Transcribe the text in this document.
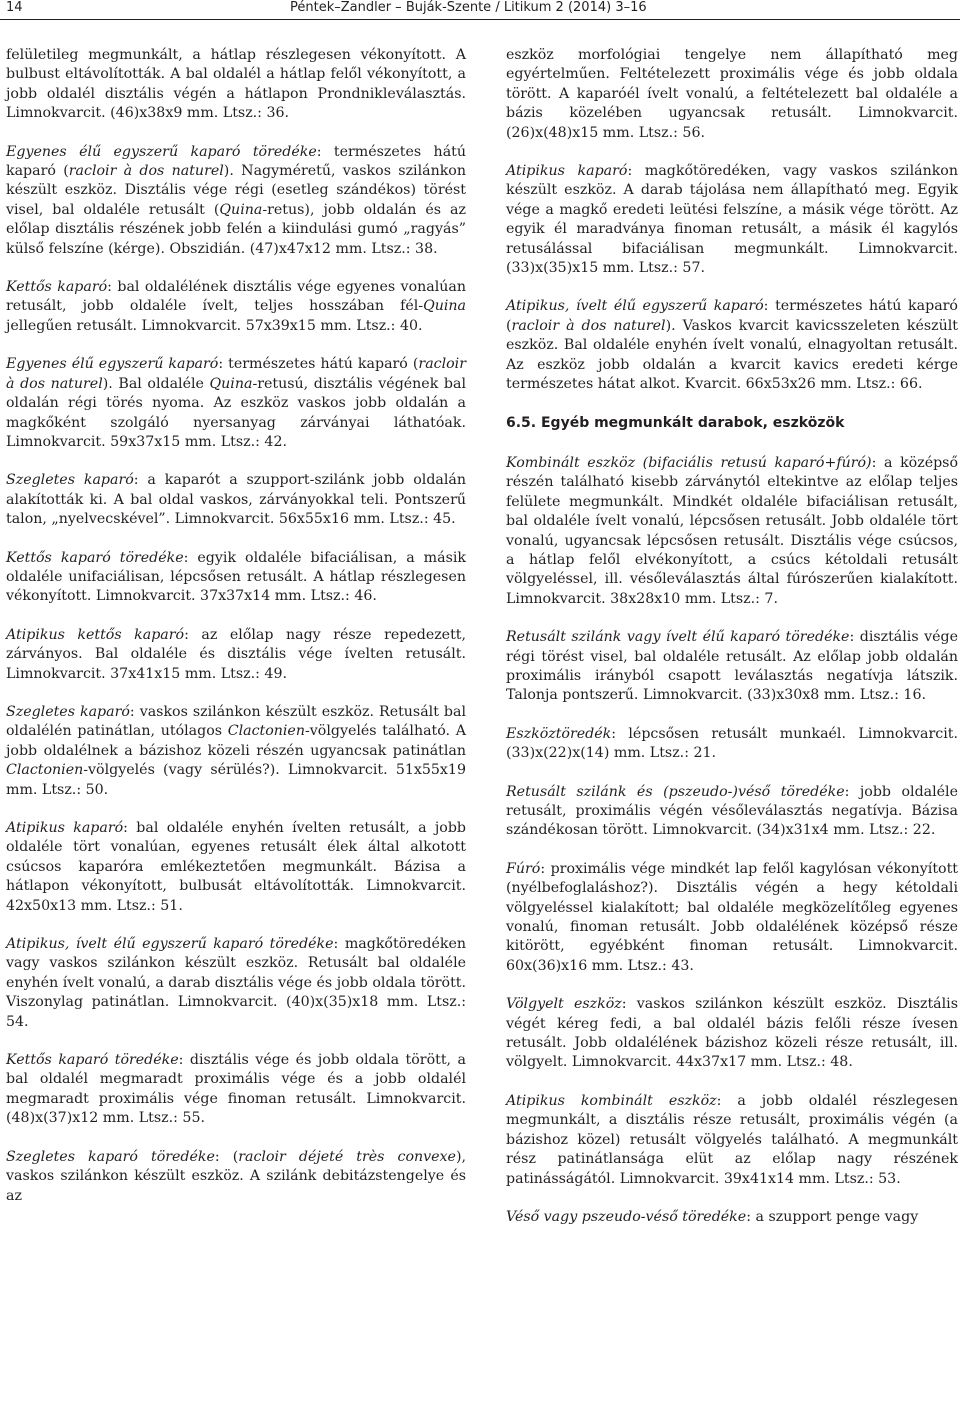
14	Péntek–Zandler – Buják-Szente / Litikum 2 (2014) 3–16

felületileg megmunkált, a hátlap részlegesen vékonyított. A bulbust eltávolították. A bal oldalél a hátlap felől vékonyított, a jobb oldalél disztális végén a hátlapon Prondnikleválasztás. Limnokvarcit. (46)x38x9 mm. Ltsz.: 36.

Egyenes élű egyszerű kaparó töredéke: természetes hátú kaparó (racloir à dos naturel). Nagyméretű, vaskos szilánkon készült eszköz. Disztális vége régi (esetleg szándékos) törést visel, bal oldaléle retusált (Quina-retus), jobb oldalán és az előlap disztális részének jobb felén a kiindulási gumó „ragyás” külső felszíne (kérge). Obszidián. (47)x47x12 mm. Ltsz.: 38.

Kettős kaparó: bal oldalélének disztális vége egyenes vonalúan retusált, jobb oldaléle ívelt, teljes hosszában fél-Quina jellegűen retusált. Limnokvarcit. 57x39x15 mm. Ltsz.: 40.

Egyenes élű egyszerű kaparó: természetes hátú kaparó (racloir à dos naturel). Bal oldaléle Quina-retusú, disztális végének bal oldalán régi törés nyoma. Az eszköz vaskos jobb oldalán a magkőként szolgáló nyersanyag zárványai láthatóak. Limnokvarcit. 59x37x15 mm. Ltsz.: 42.

Szegletes kaparó: a kaparót a szupport-szilánk jobb oldalán alakították ki. A bal oldal vaskos, zárványokkal teli. Pontszerű talon, „nyelvecskével”. Limnokvarcit. 56x55x16 mm. Ltsz.: 45.

Kettős kaparó töredéke: egyik oldaléle bifaciálisan, a másik oldaléle unifaciálisan, lépcsősen retusált. A hátlap részlegesen vékonyított. Limnokvarcit. 37x37x14 mm. Ltsz.: 46.

Atipikus kettős kaparó: az előlap nagy része repedezett, zárványos. Bal oldaléle és disztális vége ívelten retusált. Limnokvarcit. 37x41x15 mm. Ltsz.: 49.

Szegletes kaparó: vaskos szilánkon készült eszköz. Retusált bal oldalélén patinátlan, utólagos Clactonien-völgyelés található. A jobb oldalélnek a bázishoz közeli részén ugyancsak patinátlan Clactonien-völgyelés (vagy sérülés?). Limnokvarcit. 51x55x19 mm. Ltsz.: 50.

Atipikus kaparó: bal oldaléle enyhén ívelten retusált, a jobb oldaléle tört vonalúan, egyenes retusált élek által alkotott csúcsos kaparóra emlékeztetően megmunkált. Bázisa a hátlapon vékonyított, bulbusát eltávolították. Limnokvarcit. 42x50x13 mm. Ltsz.: 51.

Atipikus, ívelt élű egyszerű kaparó töredéke: magkőtöredéken vagy vaskos szilánkon készült eszköz. Retusált bal oldaléle enyhén ívelt vonalú, a darab disztális vége és jobb oldala törött. Viszonylag patinátlan. Limnokvarcit. (40)x(35)x18 mm. Ltsz.: 54.

Kettős kaparó töredéke: disztális vége és jobb oldala törött, a bal oldalél megmaradt proximális vége és a jobb oldalél megmaradt proximális vége finoman retusált. Limnokvarcit. (48)x(37)x12 mm. Ltsz.: 55.

Szegletes kaparó töredéke: (racloir déjeté très convexe), vaskos szilánkon készült eszköz. A szilánk debitázstengelye és az

eszköz morfológiai tengelye nem állapítható meg egyértelműen. Feltételezett proximális vége és jobb oldala törött. A kaparóél ívelt vonalú, a feltételezett bal oldaléle a bázis közelében ugyancsak retusált. Limnokvarcit. (26)x(48)x15 mm. Ltsz.: 56.

Atipikus kaparó: magkőtöredéken, vagy vaskos szilánkon készült eszköz. A darab tájolása nem állapítható meg. Egyik vége a magkő eredeti leütési felszíne, a másik vége törött. Az egyik él maradványa finoman retusált, a másik él kagylós retusálással bifaciálisan megmunkált. Limnokvarcit. (33)x(35)x15 mm. Ltsz.: 57.

Atipikus, ívelt élű egyszerű kaparó: természetes hátú kaparó (racloir à dos naturel). Vaskos kvarcit kavicsszeleten készült eszköz. Bal oldaléle enyhén ívelt vonalú, elnagyoltan retusált. Az eszköz jobb oldalán a kvarcit kavics eredeti kérge természetes hátat alkot. Kvarcit. 66x53x26 mm. Ltsz.: 66.

6.5. Egyéb megmunkált darabok, eszközök

Kombinált eszköz (bifaciális retusú kaparó+fúró): a középső részén található kisebb zárványtól eltekintve az előlap teljes felülete megmunkált. Mindkét oldaléle bifaciálisan retusált, bal oldaléle ívelt vonalú, lépcsősen retusált. Jobb oldaléle tört vonalú, ugyancsak lépcsősen retusált. Disztális vége csúcsos, a hátlap felől elvékonyított, a csúcs kétoldali retusált völgyeléssel, ill. vésőleválasztás által fúrószerűen kialakított. Limnokvarcit. 38x28x10 mm. Ltsz.: 7.

Retusált szilánk vagy ívelt élű kaparó töredéke: disztális vége régi törést visel, bal oldaléle retusált. Az előlap jobb oldalán proximális irányból csapott leválasztás negatívja látszik. Talonja pontszerű. Limnokvarcit. (33)x30x8 mm. Ltsz.: 16.

Eszköztöredék: lépcsősen retusált munkaél. Limnokvarcit. (33)x(22)x(14) mm. Ltsz.: 21.

Retusált szilánk és (pszeudo-)véső töredéke: jobb oldaléle retusált, proximális végén vésőleválasztás negatívja. Bázisa szándékosan törött. Limnokvarcit. (34)x31x4 mm. Ltsz.: 22.

Fúró: proximális vége mindkét lap felől kagylósan vékonyított (nyélbefoglaláshoz?). Disztális végén a hegy kétoldali völgyeléssel kialakított; bal oldaléle megközelítőleg egyenes vonalú, finoman retusált. Jobb oldalélének középső része kitörött, egyébként finoman retusált. Limnokvarcit. 60x(36)x16 mm. Ltsz.: 43.

Völgyelt eszköz: vaskos szilánkon készült eszköz. Disztális végét kéreg fedi, a bal oldalél bázis felőli része ívesen retusált. Jobb oldalélének bázishoz közeli része retusált, ill. völgyelt. Limnokvarcit. 44x37x17 mm. Ltsz.: 48.

Atipikus kombinált eszköz: a jobb oldalél részlegesen megmunkált, a disztális része retusált, proximális végén (a bázishoz közel) retusált völgyelés található. A megmunkált rész patinátlansága elüt az előlap nagy részének patinásságától. Limnokvarcit. 39x41x14 mm. Ltsz.: 53.

Véső vagy pszeudo-véső töredéke: a szupport penge vagy
